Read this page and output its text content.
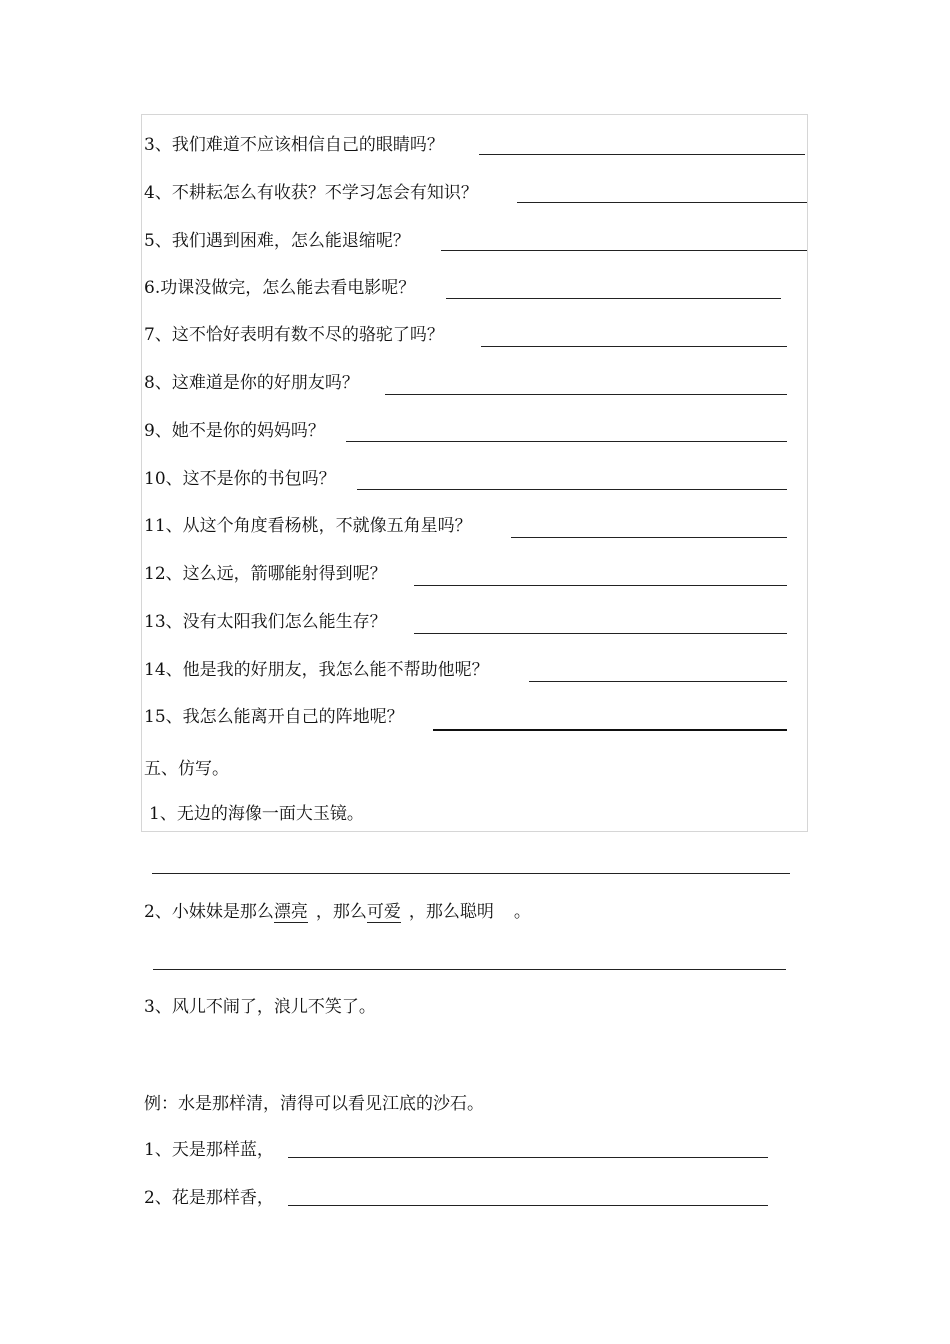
3、我们难道不应该相信自己的眼睛吗？
4、不耕耘怎么有收获？不学习怎会有知识？
5、我们遇到困难，怎么能退缩呢？
6.功课没做完，怎么能去看电影呢？
7、这不恰好表明有数不尽的骆驼了吗？
8、这难道是你的好朋友吗？
9、她不是你的妈妈吗？
10、这不是你的书包吗？
11、从这个角度看杨桃，不就像五角星吗？
12、这么远，箭哪能射得到呢？
13、没有太阳我们怎么能生存？
14、他是我的好朋友，我怎么能不帮助他呢？
15、我怎么能离开自己的阵地呢？
五、仿写。
1、无边的海像一面大玉镜。
2、小妹妹是那么漂亮 ，那么可爱 ，那么聪明 。
3、风儿不闹了，浪儿不笑了。
例：水是那样清，清得可以看见江底的沙石。
1、天是那样蓝，
2、花是那样香，
